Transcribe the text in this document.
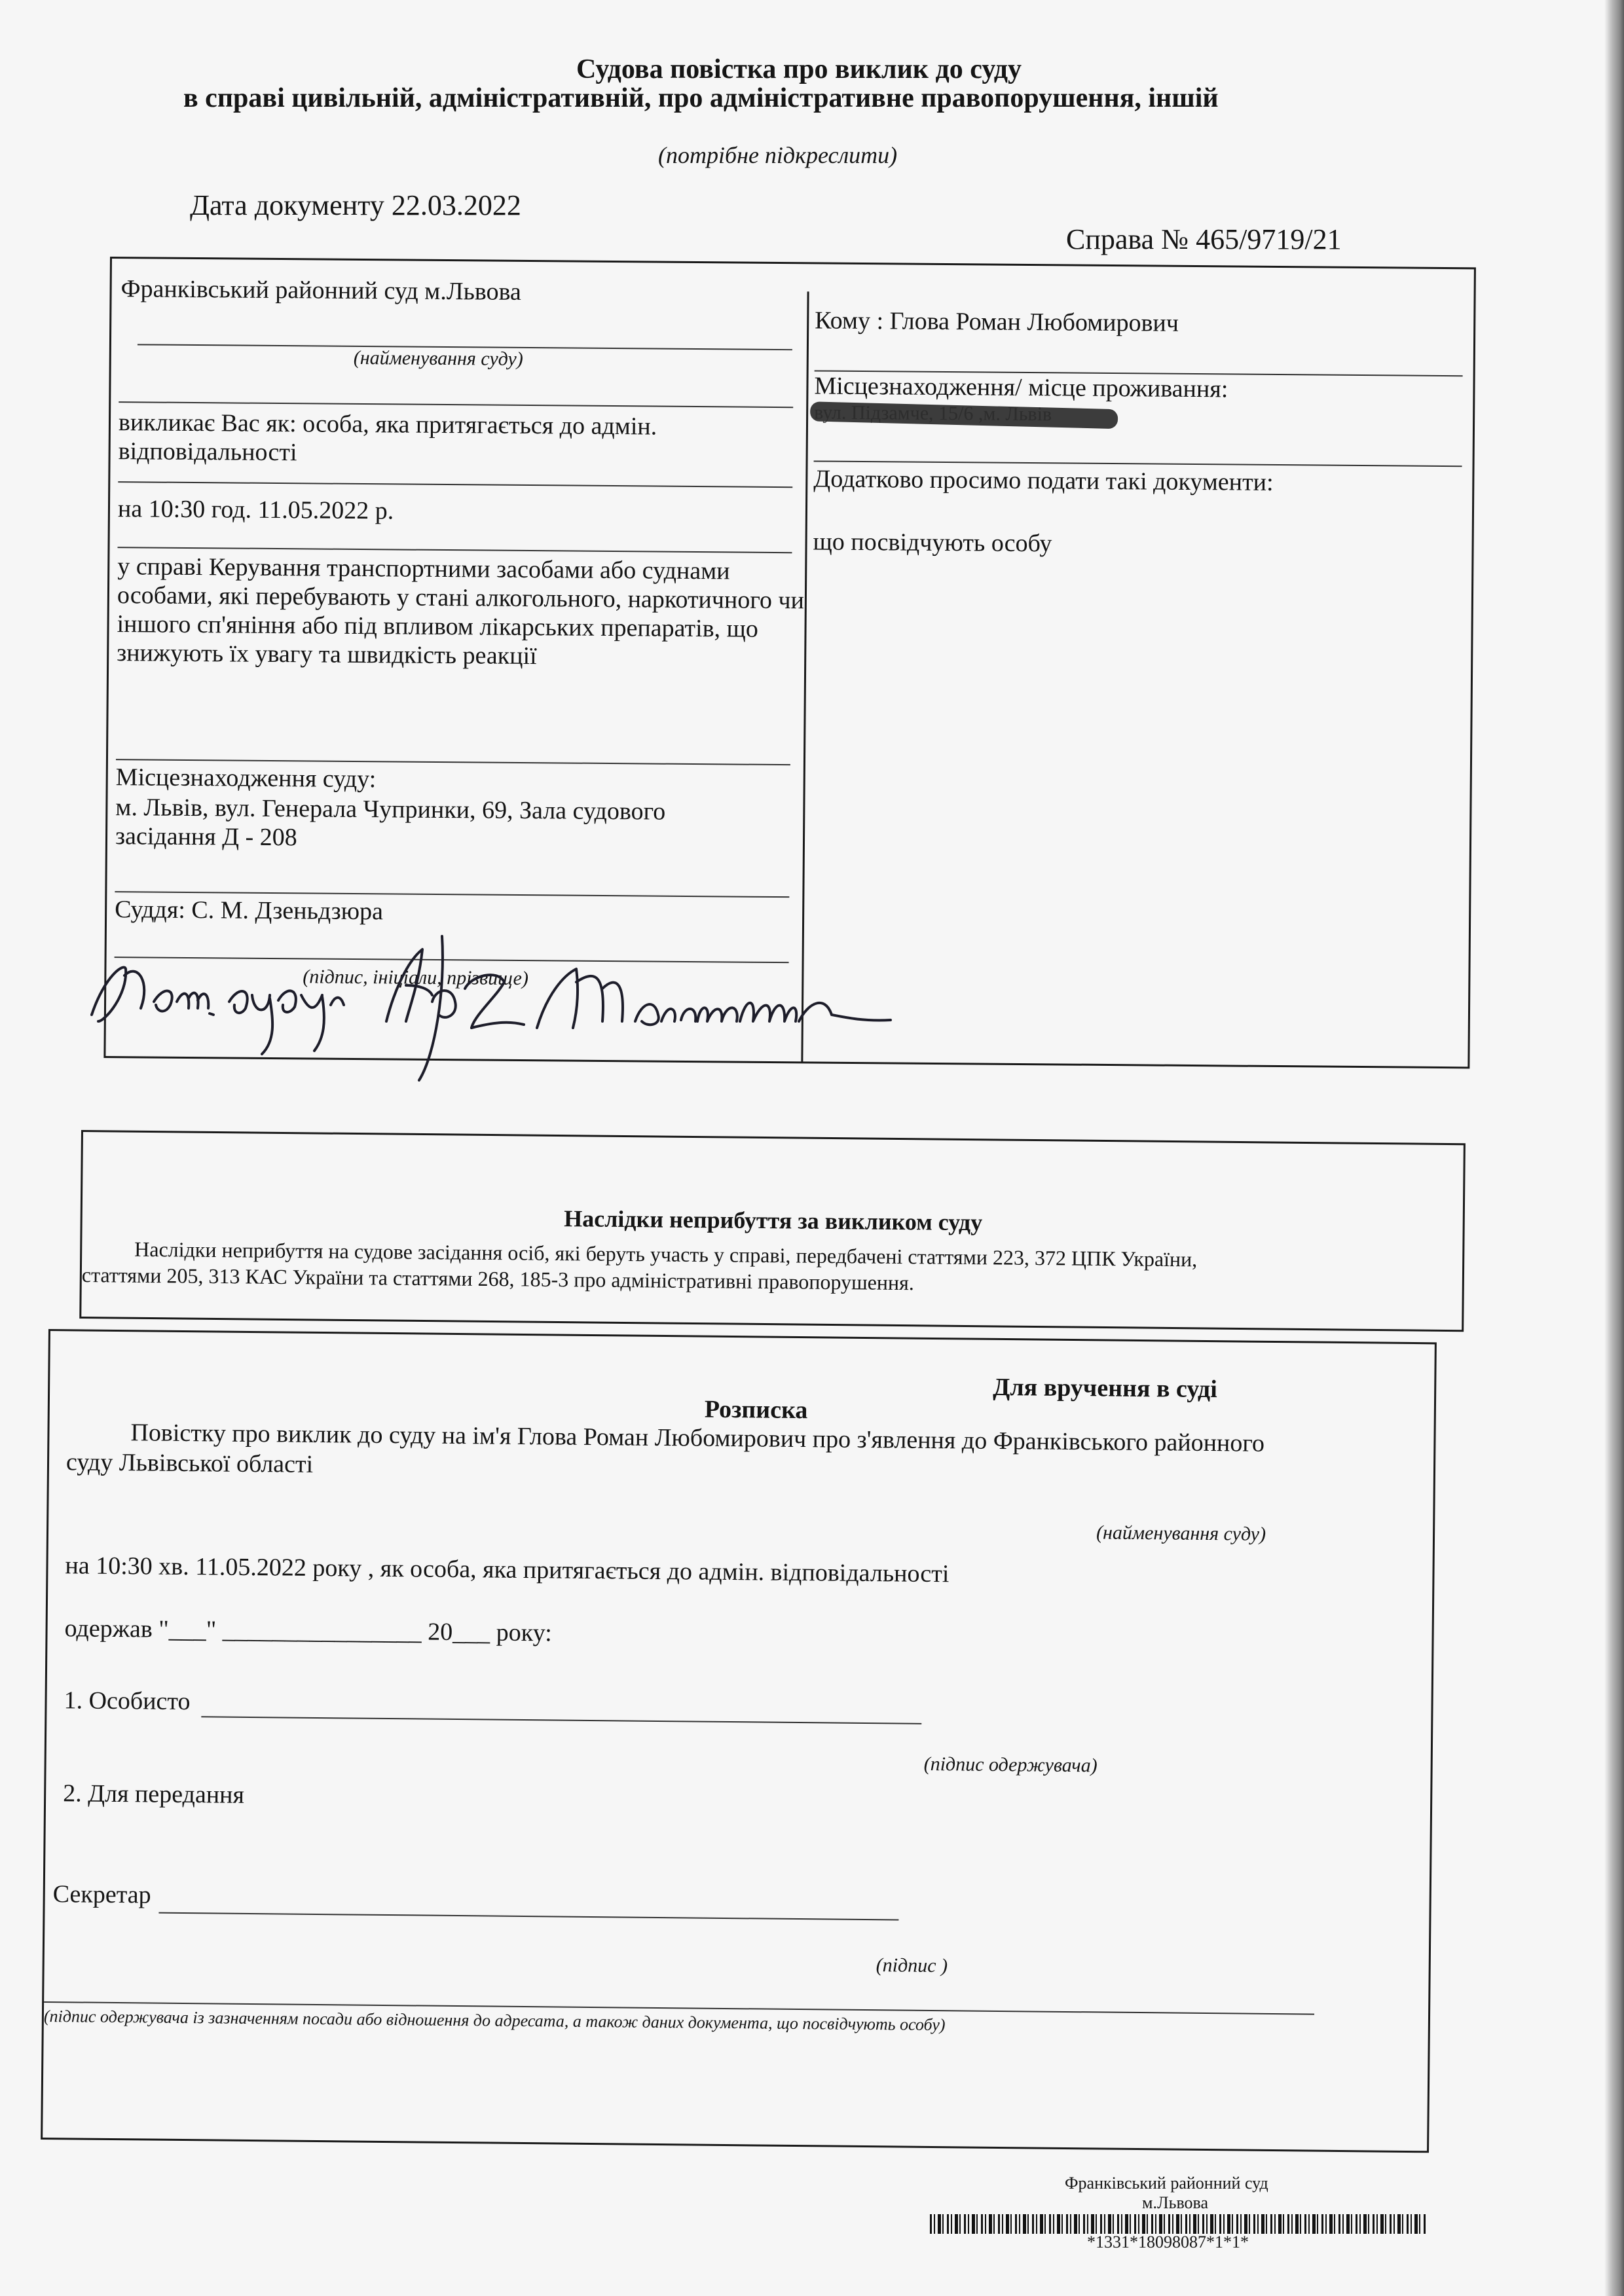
Судова повістка про виклик до суду
в справі цивільній, адміністративній, про адміністративне правопорушення, іншій
(потрібне підкреслити)
Дата документу 22.03.2022
Справа № 465/9719/21
Франківський районний суд м.Львова
(найменування суду)
викликає Вас як: особа, яка притягається до адмін. відповідальності
на 10:30 год. 11.05.2022 р.
у справі Керування транспортними засобами або суднами особами, які перебувають у стані алкогольного, наркотичного чи іншого сп'яніння або під впливом лікарських препаратів, що знижують їх увагу та швидкість реакції
Місцезнаходження суду:
м. Львів, вул. Генерала Чупринки, 69, Зала судового засідання Д - 208
Суддя: С. М. Дзеньдзюра
(підпис, ініціали, прізвище)
Кому : Глова Роман Любомирович
Місцезнаходження/ місце проживання:
Додатково просимо подати такі документи:
що посвідчують особу
Наслідки неприбуття за викликом суду
Наслідки неприбуття на судове засідання осіб, які беруть участь у справі, передбачені статтями 223, 372 ЦПК України,
статтями 205, 313 КАС України та статтями 268, 185-3 про адміністративні правопорушення.
Для вручення в суді
Розписка
Повістку про виклик до суду на ім'я Глова Роман Любомирович про з'явлення до Франківського районного
суду Львівської області
(найменування суду)
на 10:30 хв. 11.05.2022 року , як особа, яка притягається до адмін. відповідальності
одержав "___" ________________ 20___ року:
1. Особисто
(підпис одержувача)
2. Для передання
Секретар
(підпис )
(підпис одержувача із зазначенням посади або відношення до адресата, а також даних документа, що посвідчують особу)
Франківський районний суд
м.Львова
*1331*18098087*1*1*
